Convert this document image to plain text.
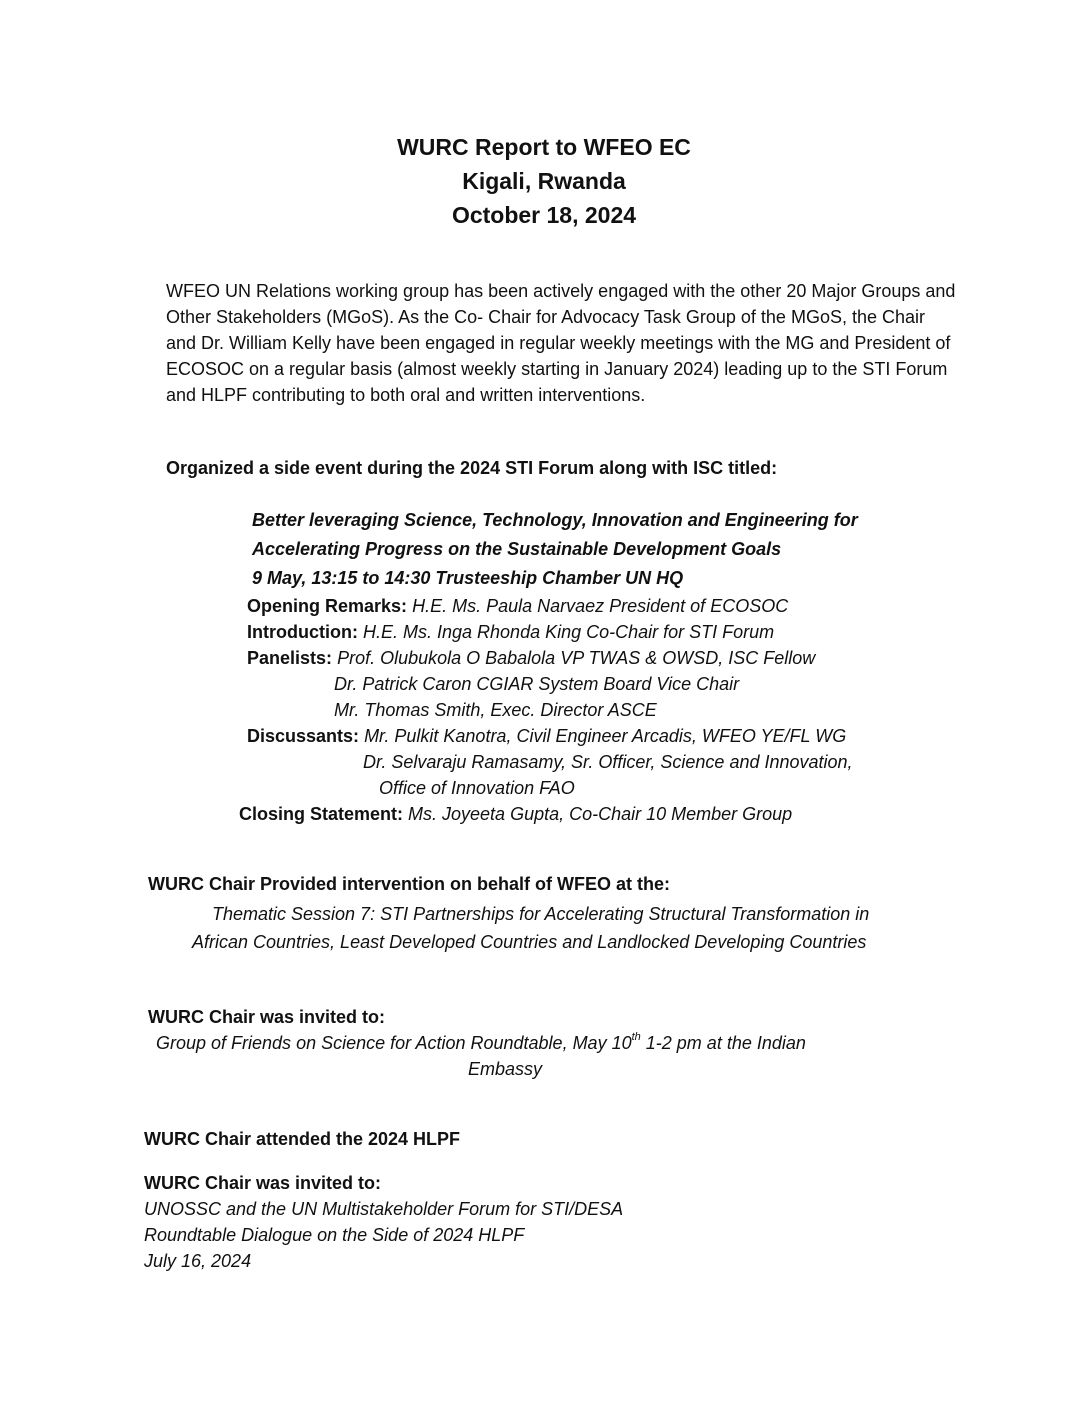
WURC Report to WFEO EC
Kigali, Rwanda
October 18, 2024
WFEO UN Relations working group has been actively engaged with the other 20 Major Groups and Other Stakeholders (MGoS). As the Co- Chair for Advocacy Task Group of the MGoS, the Chair and Dr. William Kelly have been engaged in regular weekly meetings with the MG and President of ECOSOC on a regular basis (almost weekly starting in January 2024) leading up to the STI Forum and HLPF contributing to both oral and written interventions.
Organized a side event during the 2024 STI Forum along with ISC titled:
Better leveraging Science, Technology, Innovation and Engineering for
Accelerating Progress on the Sustainable Development Goals
9 May, 13:15 to 14:30 Trusteeship Chamber UN HQ
Opening Remarks: H.E. Ms. Paula Narvaez President of ECOSOC
Introduction: H.E. Ms. Inga Rhonda King Co-Chair for STI Forum
Panelists: Prof. Olubukola O Babalola VP TWAS & OWSD, ISC Fellow
Dr. Patrick Caron CGIAR System Board Vice Chair
Mr. Thomas Smith, Exec. Director ASCE
Discussants: Mr. Pulkit Kanotra, Civil Engineer Arcadis, WFEO YE/FL WG
Dr. Selvaraju Ramasamy, Sr. Officer, Science and Innovation,
Office of Innovation FAO
Closing Statement: Ms. Joyeeta Gupta, Co-Chair 10 Member Group
WURC Chair Provided intervention on behalf of WFEO at the:
Thematic Session 7: STI Partnerships for Accelerating Structural Transformation in
African Countries, Least Developed Countries and Landlocked Developing Countries
WURC Chair was invited to:
Group of Friends on Science for Action Roundtable, May 10th 1-2 pm at the Indian
Embassy
WURC Chair attended the 2024 HLPF
WURC Chair was invited to:
UNOSSC and the UN Multistakeholder Forum for STI/DESA
Roundtable Dialogue on the Side of 2024 HLPF
July 16, 2024
